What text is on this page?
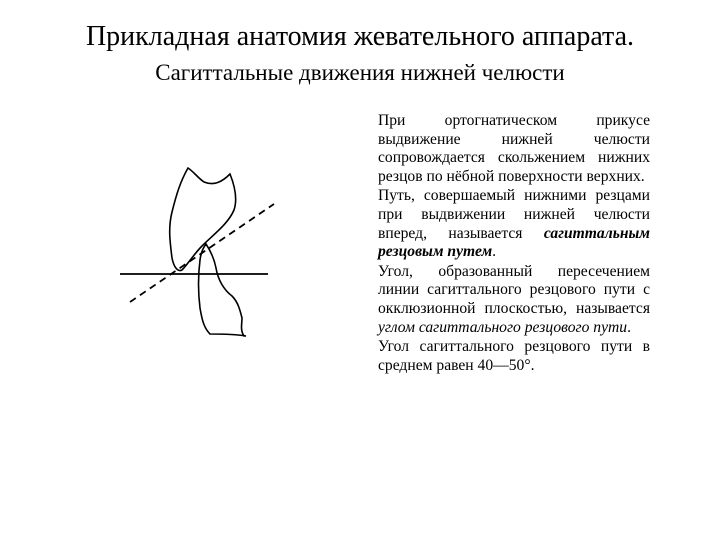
Прикладная анатомия жевательного аппарата.
Сагиттальные движения нижней челюсти

При ортогнатическом прикусе выдвижение нижней челюсти сопровождается скольжением нижних резцов по нёбной поверхности верхних.

Путь, совершаемый нижними резцами при выдвижении нижней челюсти вперед, называется сагиттальным резцовым путем.

Угол, образованный пересечением линии сагиттального резцового пути с окклюзионной плоскостью, называется углом сагиттального резцового пути.

Угол сагиттального резцового пути в среднем равен 40—50°.
